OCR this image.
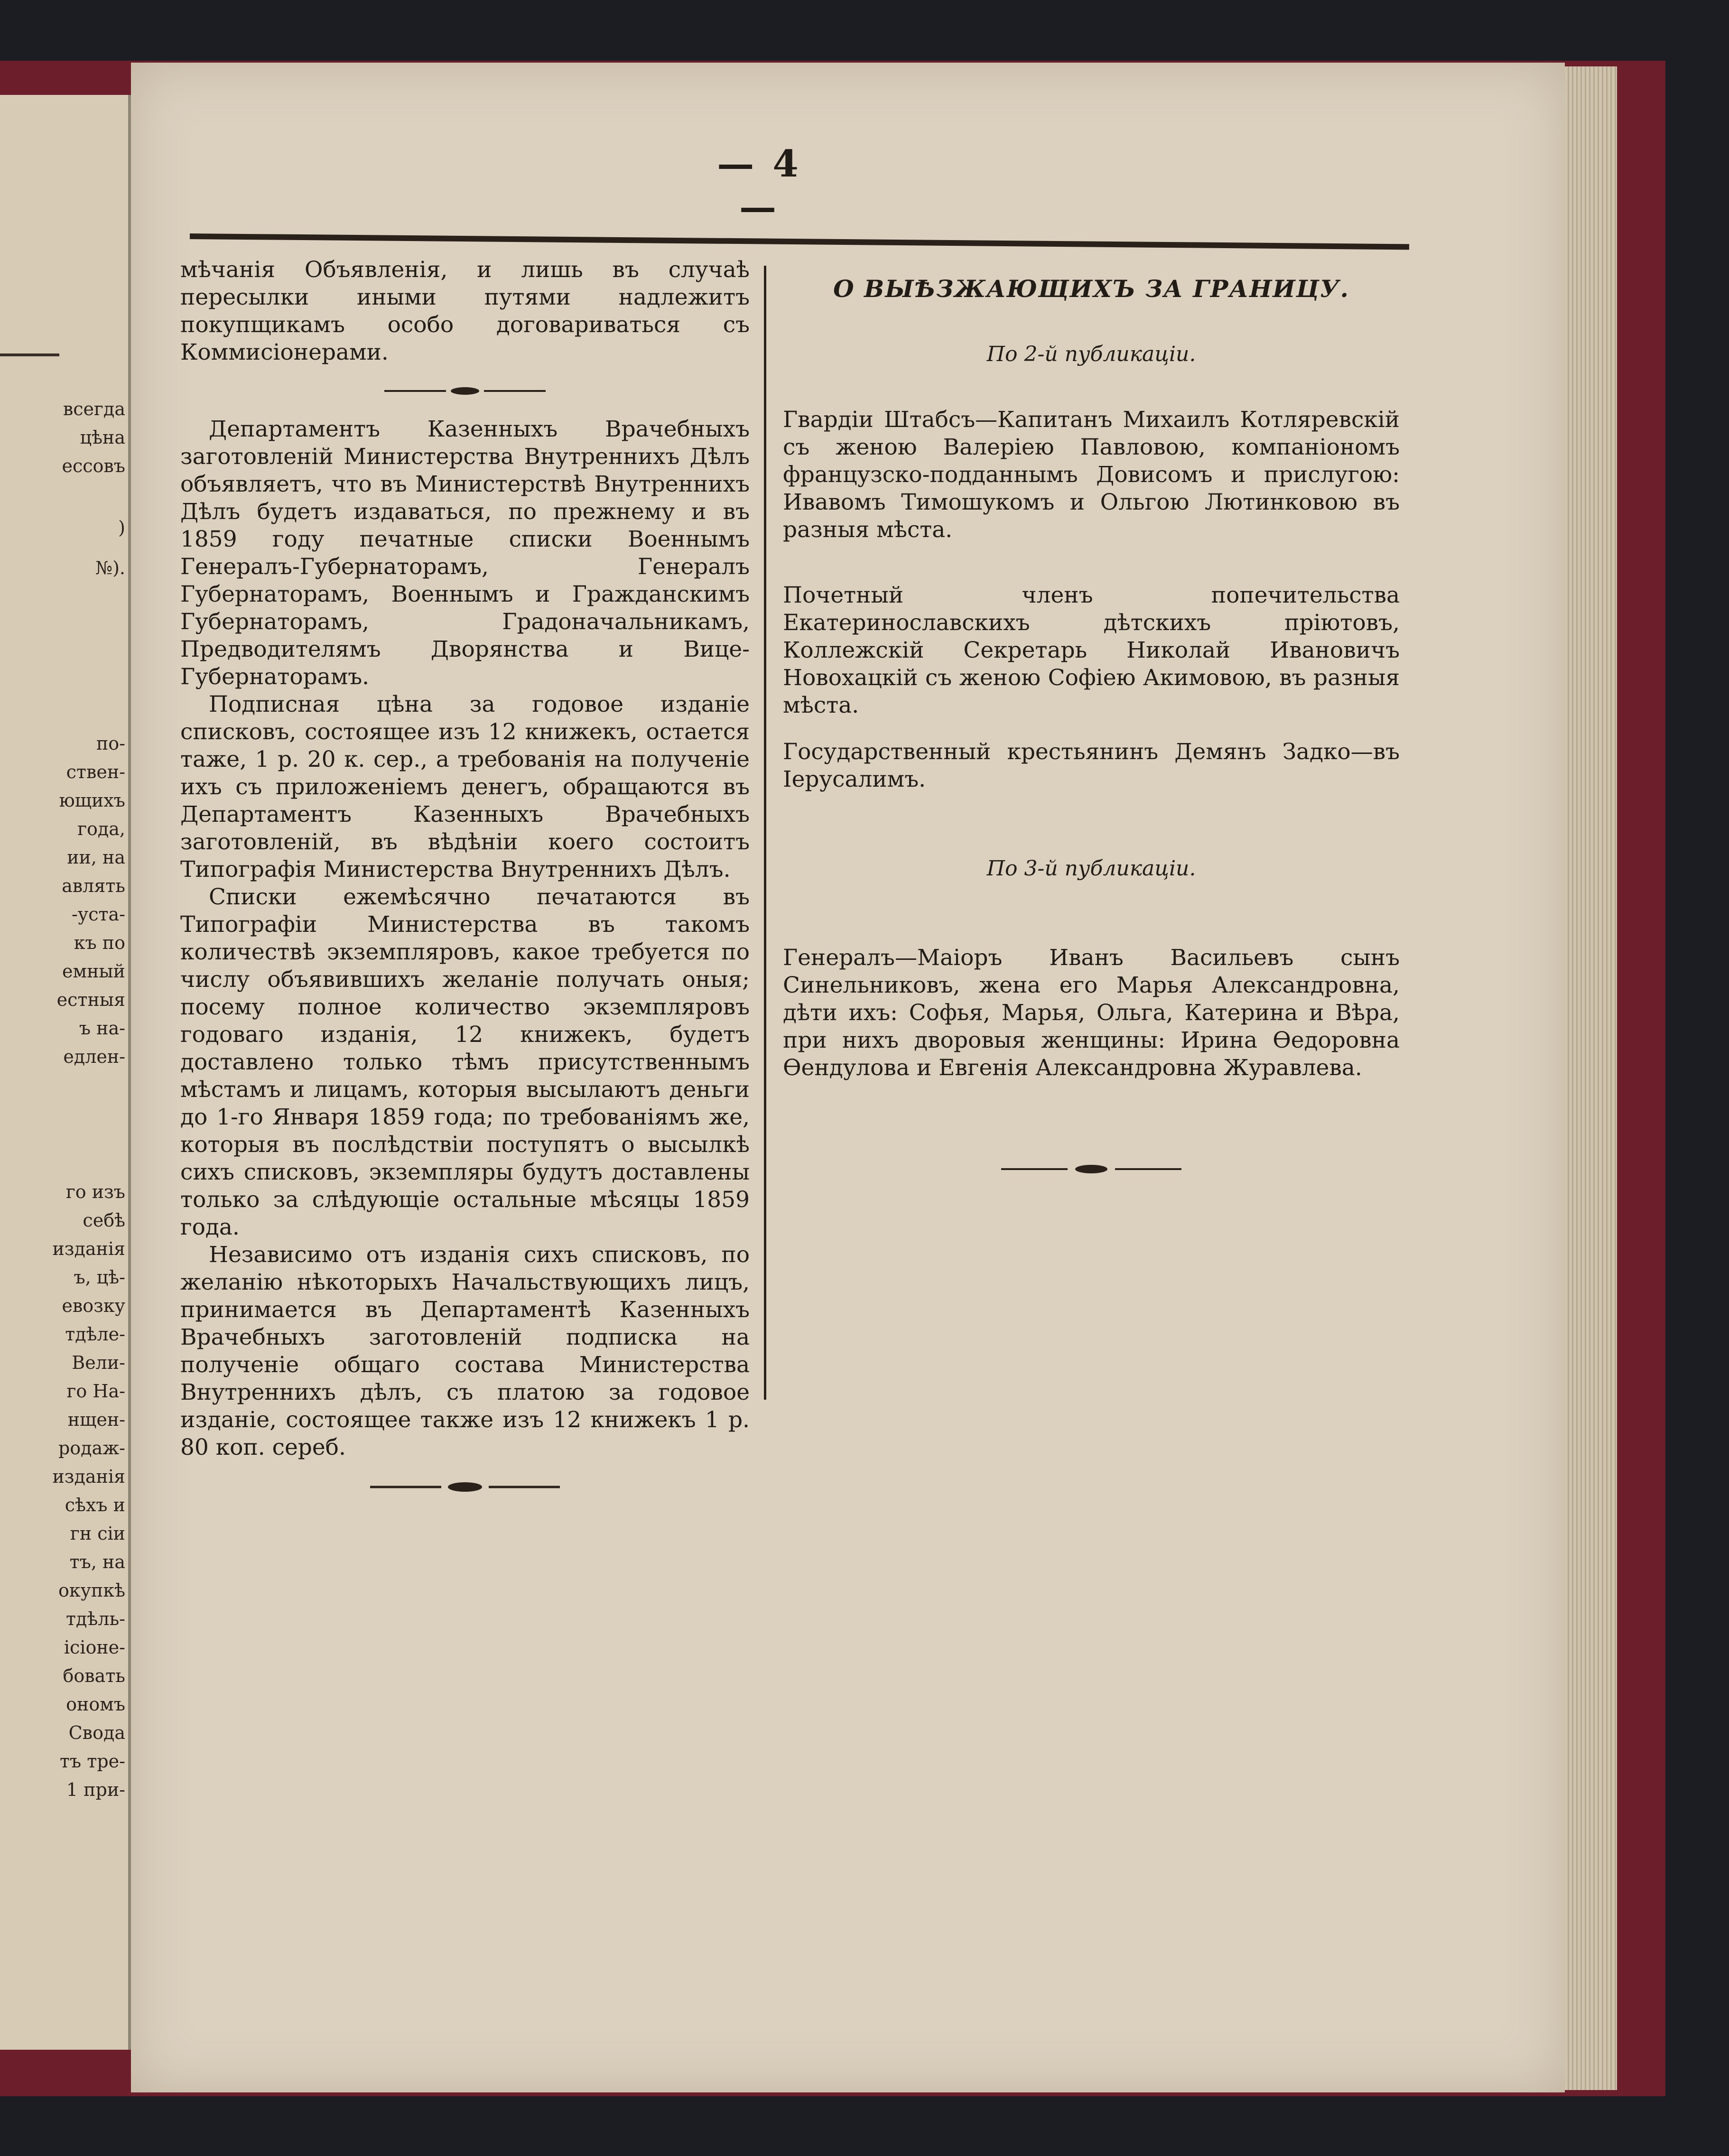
всегда
цѣна
ессовъ
)
№).
по-
ствен-
ющихъ
года,
ии, на
авлять
-уста-
къ по
емный
естныя
ъ на-
едлен-
го изъ
себѣ
изданія
ъ, цѣ-
евозку
тдѣле-
Вели-
го На-
нщен-
родаж-
изданія
сѣхъ и
гн сіи
тъ, на
окупкѣ
тдѣль-
ісіоне-
бовать
ономъ
Свода
тъ тре-
1 при-
— 4 —

мѣчанія Объявленія, и лишь въ случаѣ пересылки иными путями надлежитъ покупщикамъ особо договариваться съ Коммисіонерами.

Департаментъ Казенныхъ Врачебныхъ заготовленій Министерства Внутреннихъ Дѣлъ объявляетъ, что въ Министерствѣ Внутреннихъ Дѣлъ будетъ издаваться, по прежнему и въ 1859 году печатные списки Военнымъ Генералъ-Губернаторамъ, Генералъ Губернаторамъ, Военнымъ и Гражданскимъ Губернаторамъ, Градоначальникамъ, Предводителямъ Дворянства и Вице-Губернаторамъ.

Подписная цѣна за годовое изданіе списковъ, состоящее изъ 12 книжекъ, остается таже, 1 р. 20 к. сер., а требованія на полученіе ихъ съ приложеніемъ денегъ, обращаются въ Департаментъ Казенныхъ Врачебныхъ заготовленій, въ вѣдѣніи коего состоитъ Типографія Министерства Внутреннихъ Дѣлъ.

Списки ежемѣсячно печатаются въ Типографіи Министерства въ такомъ количествѣ экземпляровъ, какое требуется по числу объявившихъ желаніе получать оныя; посему полное количество экземпляровъ годоваго изданія, 12 книжекъ, будетъ доставлено только тѣмъ присутственнымъ мѣстамъ и лицамъ, которыя высылаютъ деньги до 1-го Января 1859 года; по требованіямъ же, которыя въ послѣдствіи поступятъ о высылкѣ сихъ списковъ, экземпляры будутъ доставлены только за слѣдующіе остальные мѣсяцы 1859 года.

Независимо отъ изданія сихъ списковъ, по желанію нѣкоторыхъ Начальствующихъ лицъ, принимается въ Департаментѣ Казенныхъ Врачебныхъ заготовленій подписка на полученіе общаго состава Министерства Внутреннихъ дѣлъ, съ платою за годовое изданіе, состоящее также изъ 12 книжекъ 1 р. 80 коп. сереб.

О ВЫѢЗЖАЮЩИХЪ ЗА ГРАНИЦУ.
По 2-й публикаціи.

Гвардіи Штабсъ—Капитанъ Михаилъ Котляревскій съ женою Валеріею Павловою, компаніономъ французско-подданнымъ Довисомъ и прислугою: Ивавомъ Тимошукомъ и Ольгою Лютинковою въ разныя мѣста.

Почетный членъ попечительства Екатеринославскихъ дѣтскихъ пріютовъ, Коллежскій Секретарь Николай Ивановичъ Новохацкій съ женою Софіею Акимовою, въ разныя мѣста.

Государственный крестьянинъ Демянъ Задко—въ Іерусалимъ.

По 3-й публикаціи.

Генералъ—Маіоръ Иванъ Васильевъ сынъ Синельниковъ, жена его Марья Александровна, дѣти ихъ: Софья, Марья, Ольга, Катерина и Вѣра, при нихъ дворовыя женщины: Ирина Ѳедоровна Ѳендулова и Евгенія Александровна Журавлева.
